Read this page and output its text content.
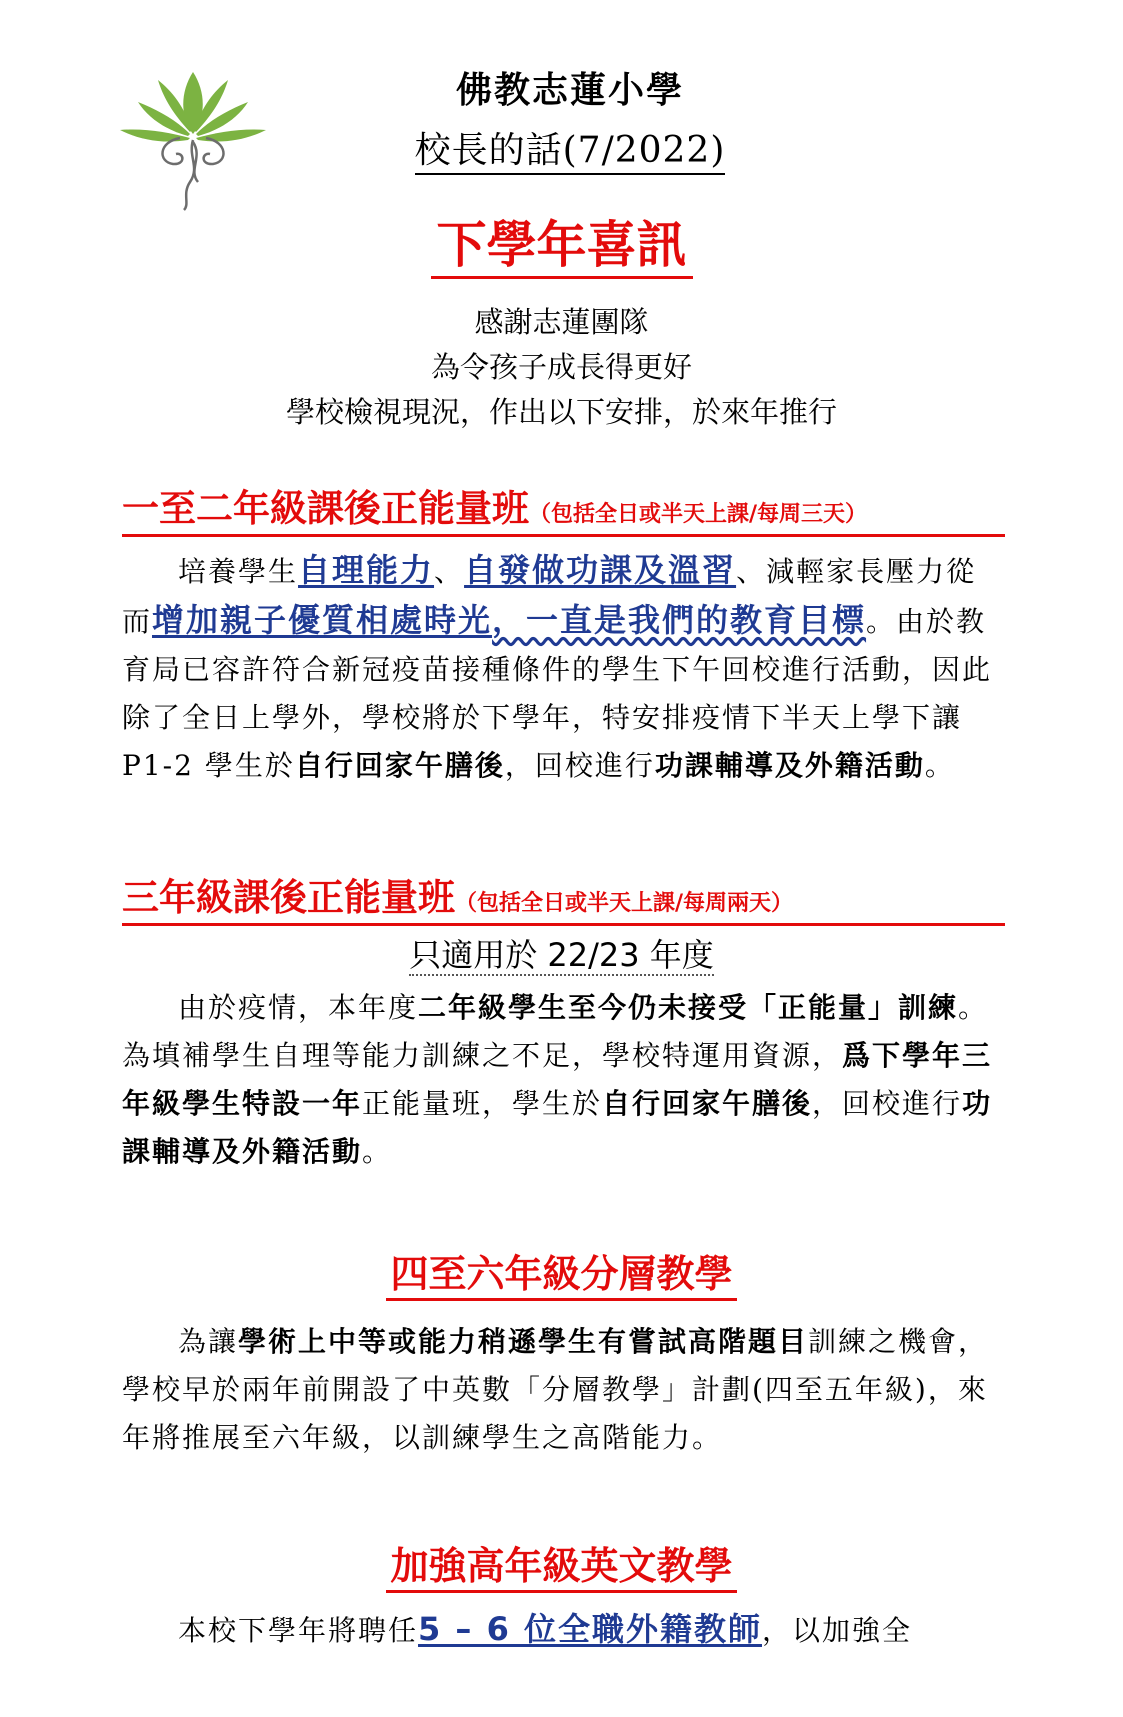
佛教志蓮小學
校長的話(7/2022)
下學年喜訊
感謝志蓮團隊
為令孩子成長得更好
學校檢視現況，作出以下安排，於來年推行
一至二年級課後正能量班（包括全日或半天上課/每周三天）
培養學生自理能力、自發做功課及溫習、減輕家長壓力從而增加親子優質相處時光，一直是我們的教育目標。由於教育局已容許符合新冠疫苗接種條件的學生下午回校進行活動，因此除了全日上學外，學校將於下學年，特安排疫情下半天上學下讓 P1-2 學生於自行回家午膳後，回校進行功課輔導及外籍活動。
三年級課後正能量班（包括全日或半天上課/每周兩天）
只適用於 22/23 年度
由於疫情，本年度二年級學生至今仍未接受「正能量」訓練。為填補學生自理等能力訓練之不足，學校特運用資源，爲下學年三年級學生特設一年正能量班，學生於自行回家午膳後，回校進行功課輔導及外籍活動。
四至六年級分層教學
為讓學術上中等或能力稍遜學生有嘗試高階題目訓練之機會，學校早於兩年前開設了中英數「分層教學」計劃(四至五年級)，來年將推展至六年級，以訓練學生之高階能力。
加強高年級英文教學
本校下學年將聘任5 – 6 位全職外籍教師，以加強全
